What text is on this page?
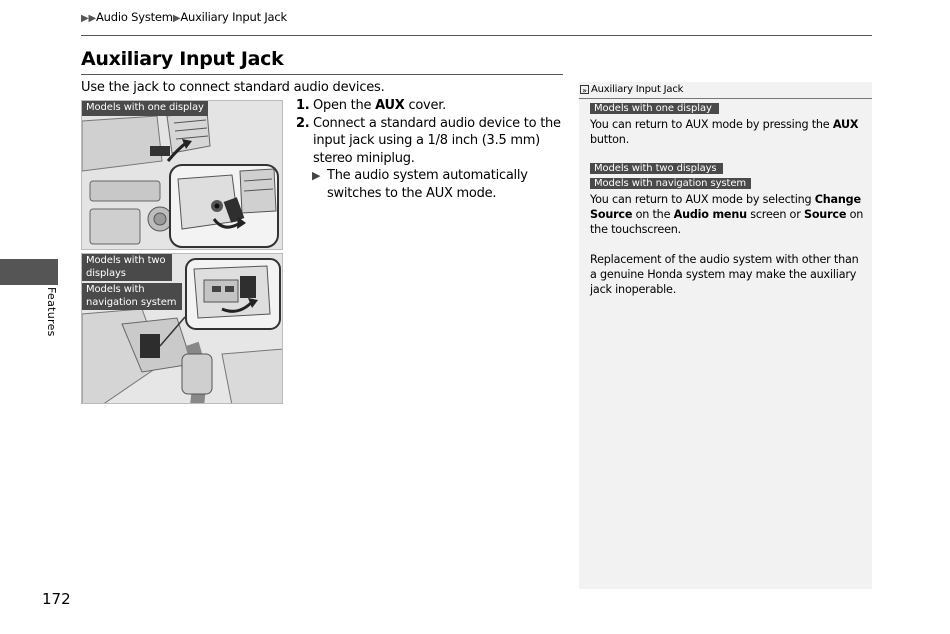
▶▶Audio System▶Auxiliary Input Jack
Auxiliary Input Jack
Use the jack to connect standard audio devices.
Models with one display
Models with two displays
Models with navigation system
1. Open the AUX cover.
2. Connect a standard audio device to the input jack using a 1/8 inch (3.5 mm) stereo miniplug.
▶ The audio system automatically switches to the AUX mode.
» Auxiliary Input Jack
Models with one display
You can return to AUX mode by pressing the AUX button.
Models with two displays
Models with navigation system
You can return to AUX mode by selecting Change Source on the Audio menu screen or Source on the touchscreen.
Replacement of the audio system with other than a genuine Honda system may make the auxiliary jack inoperable.
Features
172
